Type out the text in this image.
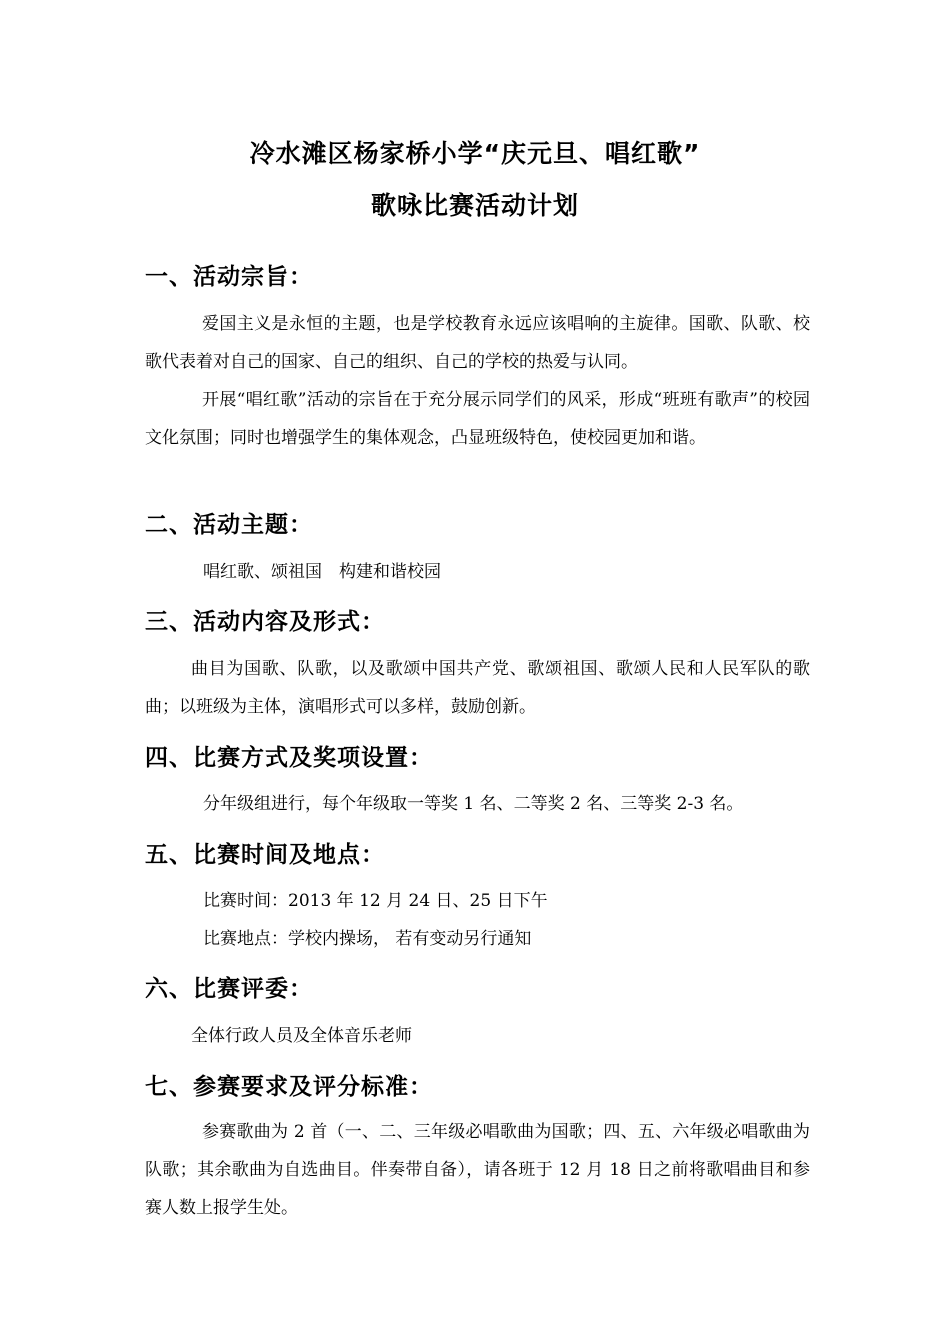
冷水滩区杨家桥小学“庆元旦、唱红歌”
歌咏比赛活动计划
一、活动宗旨：
爱国主义是永恒的主题，也是学校教育永远应该唱响的主旋律。国歌、队歌、校歌代表着对自己的国家、自己的组织、自己的学校的热爱与认同。
开展“唱红歌”活动的宗旨在于充分展示同学们的风采，形成“班班有歌声”的校园文化氛围；同时也增强学生的集体观念，凸显班级特色，使校园更加和谐。
二、活动主题：
唱红歌、颂祖国　构建和谐校园
三、活动内容及形式：
曲目为国歌、队歌，以及歌颂中国共产党、歌颂祖国、歌颂人民和人民军队的歌曲；以班级为主体，演唱形式可以多样，鼓励创新。
四、比赛方式及奖项设置：
分年级组进行，每个年级取一等奖 1 名、二等奖 2 名、三等奖 2-3 名。
五、比赛时间及地点：
比赛时间：2013 年 12 月 24 日、25 日下午
比赛地点：学校内操场， 若有变动另行通知
六、比赛评委：
全体行政人员及全体音乐老师
七、参赛要求及评分标准：
参赛歌曲为 2 首（一、二、三年级必唱歌曲为国歌；四、五、六年级必唱歌曲为队歌；其余歌曲为自选曲目。伴奏带自备），请各班于 12 月 18 日之前将歌唱曲目和参赛人数上报学生处。
